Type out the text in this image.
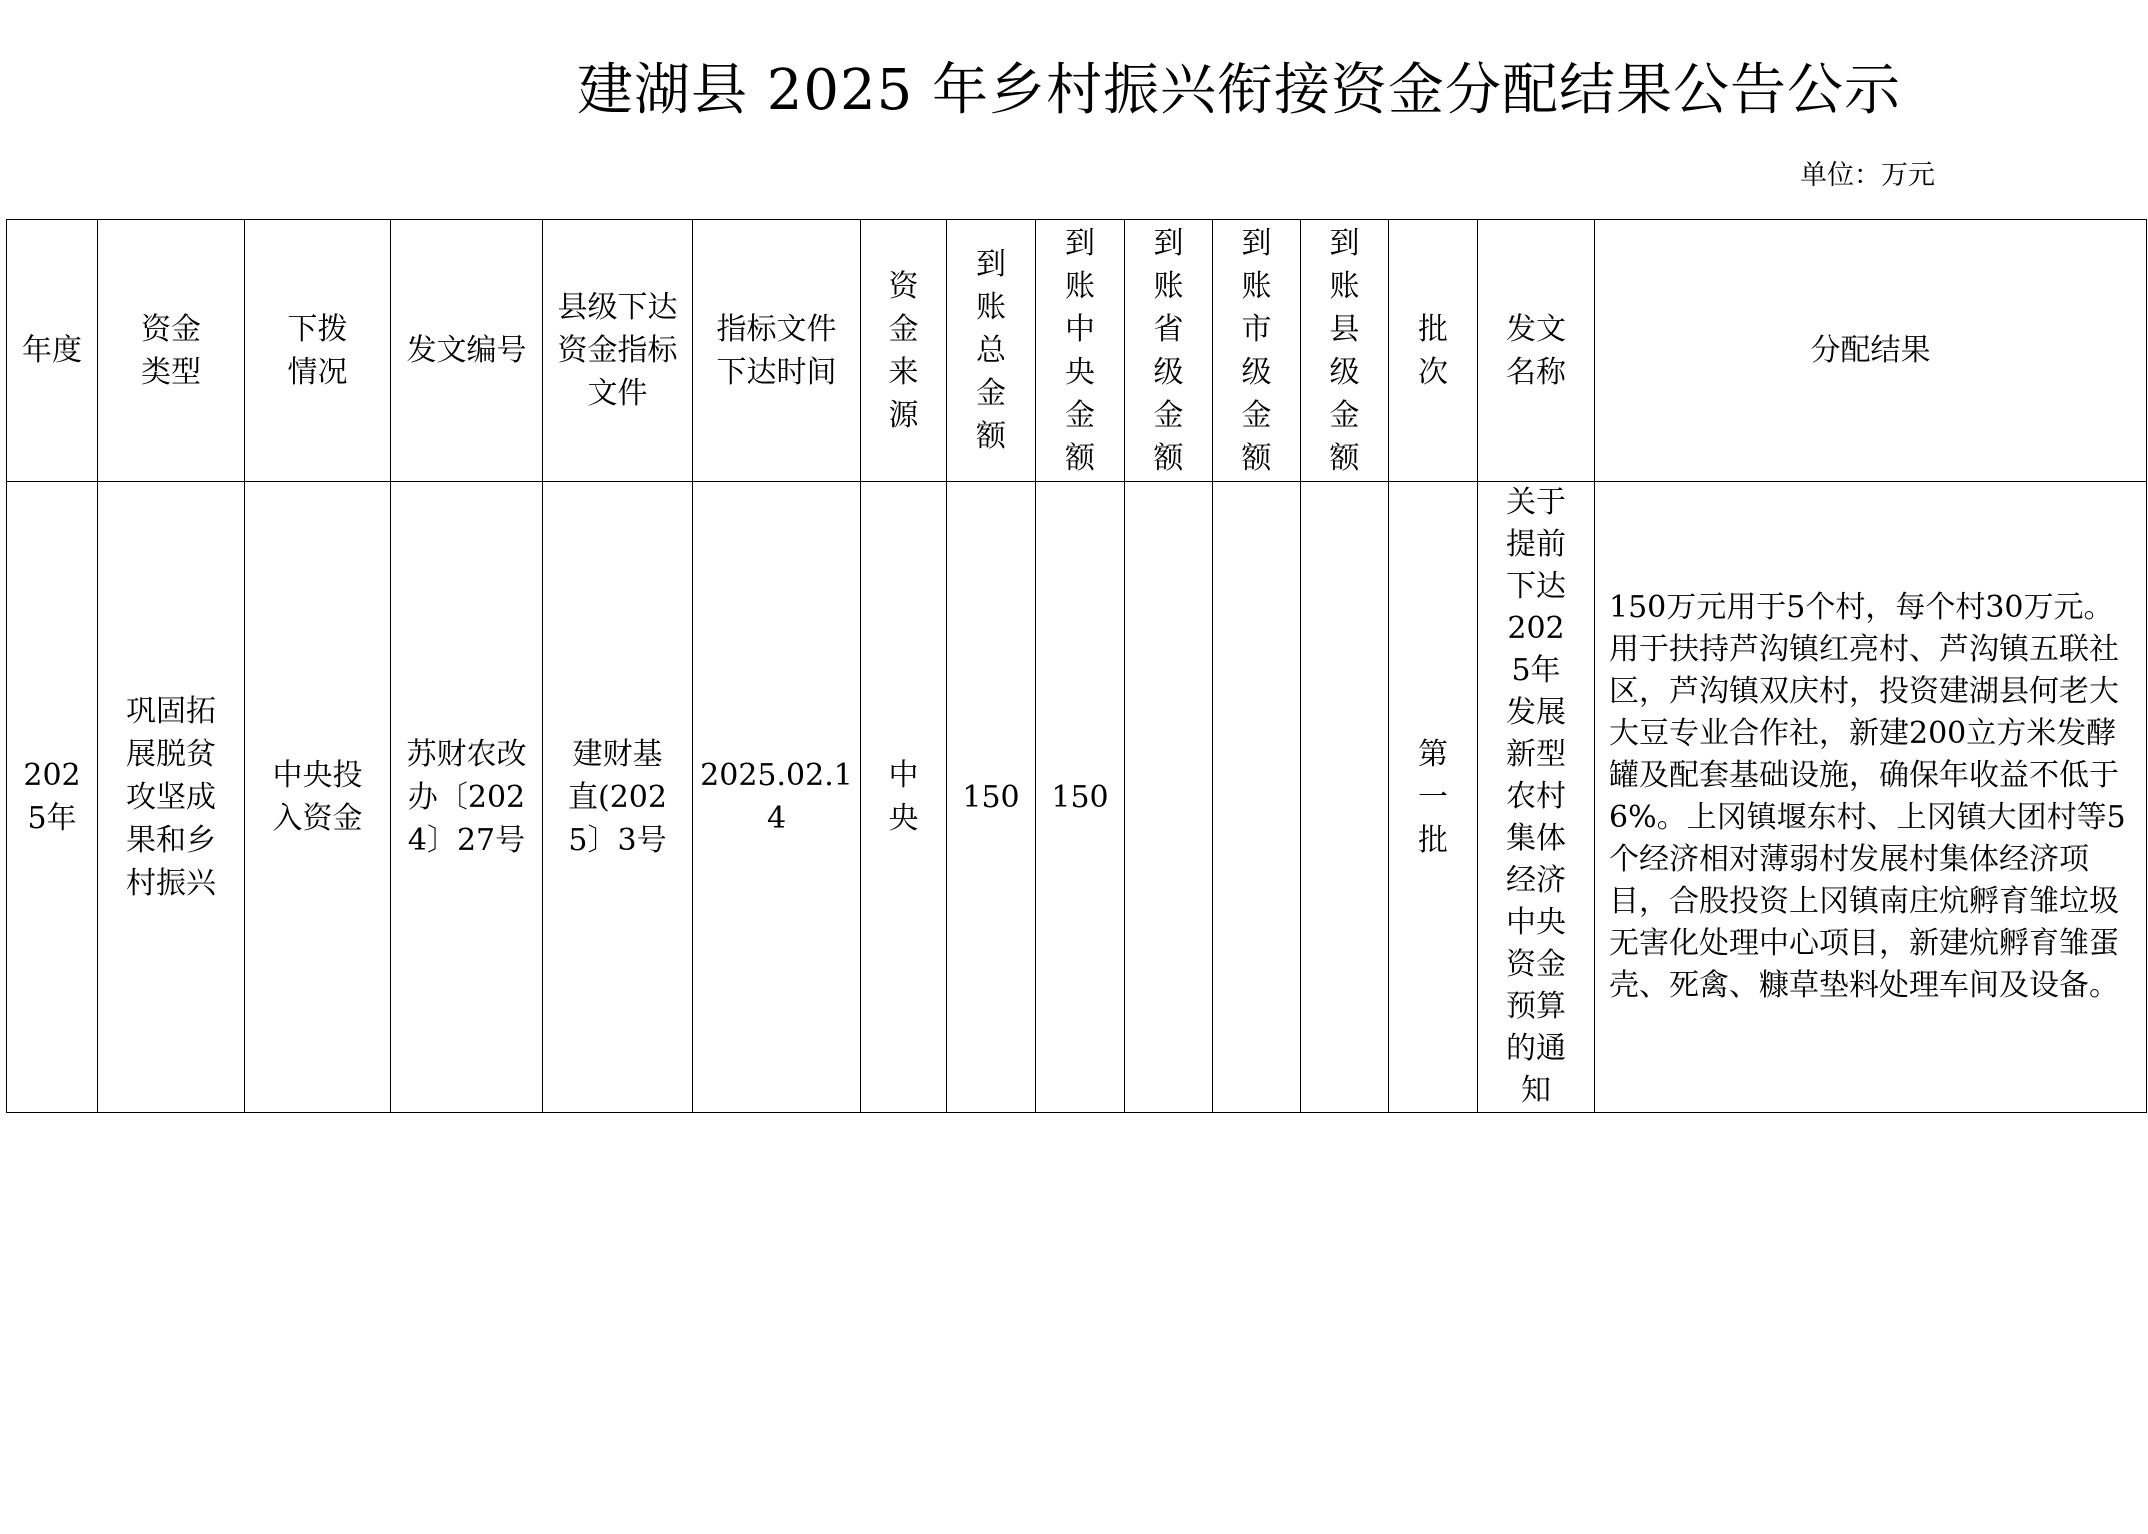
建湖县 2025 年乡村振兴衔接资金分配结果公告公示
单位：万元
年度	资金类型	下拨情况	发文编号	县级下达资金指标文件	指标文件下达时间	资金来源	到账总金额	到账中央金额	到账省级金额	到账市级金额	到账县级金额	批次	发文名称	分配结果

2025年	巩固拓展脱贫攻坚成果和乡村振兴	中央投入资金	苏财农改办〔2024〕27号	建财基直(2025〕3号	2025.02.14	中央	150	150				第一批	关于提前下达2025年发展新型农村集体经济中央资金预算的通知	150万元用于5个村，每个村30万元。用于扶持芦沟镇红亮村、芦沟镇五联社区，芦沟镇双庆村，投资建湖县何老大大豆专业合作社，新建200立方米发酵罐及配套基础设施，确保年收益不低于6%。上冈镇堰东村、上冈镇大团村等5个经济相对薄弱村发展村集体经济项目，合股投资上冈镇南庄炕孵育雏垃圾无害化处理中心项目，新建炕孵育雏蛋壳、死禽、糠草垫料处理车间及设备。
